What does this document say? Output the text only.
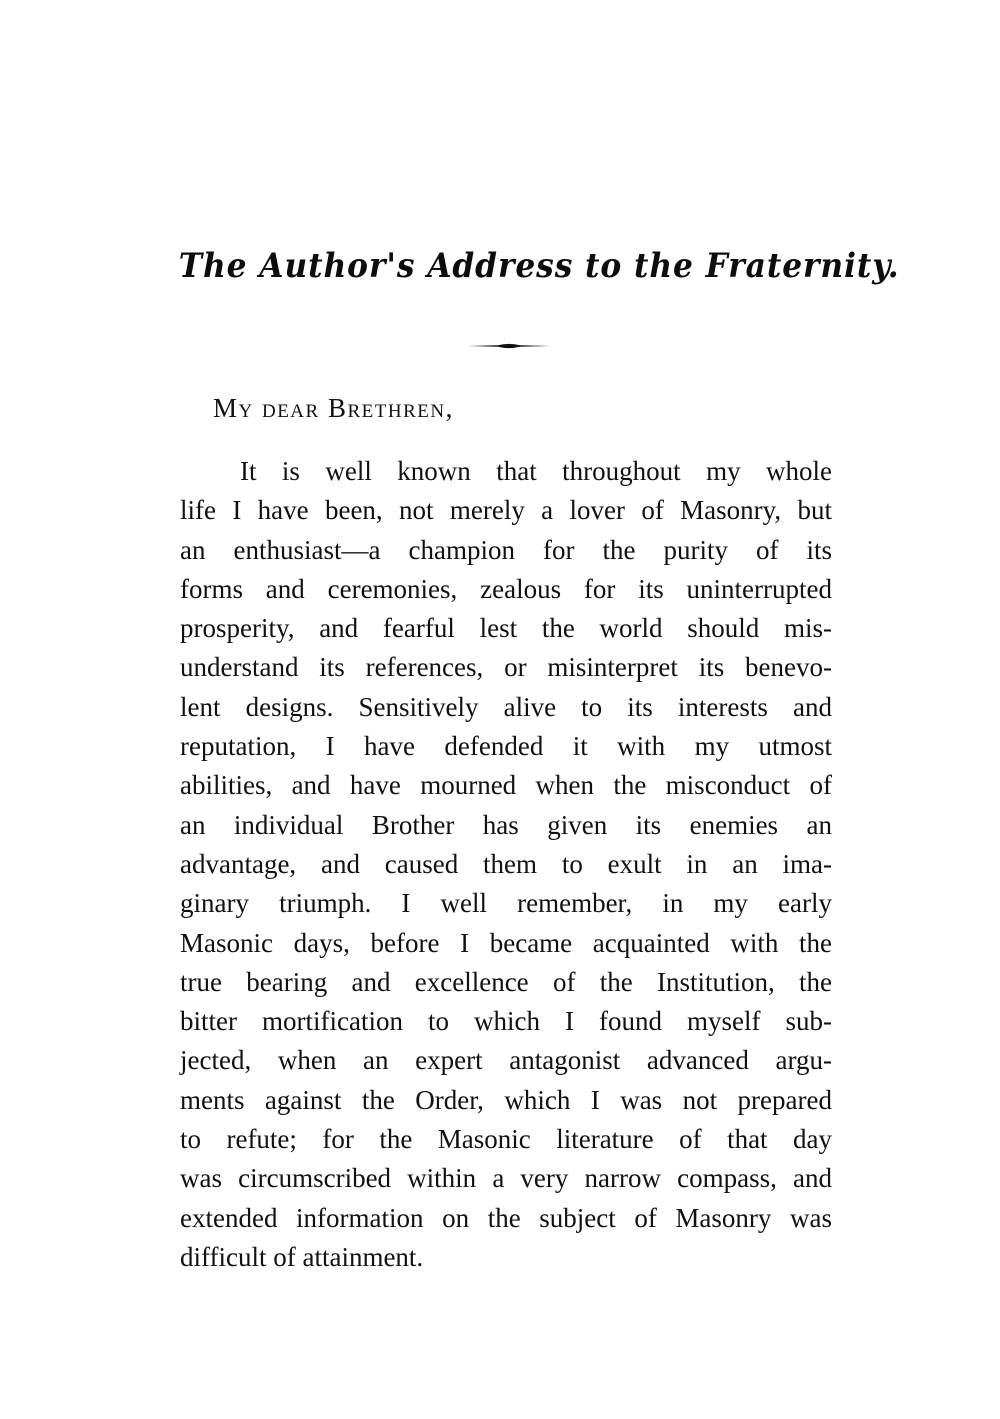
The Author's Address to the Fraternity.
My dear Brethren,
It is well known that throughout my whole
life I have been, not merely a lover of Masonry, but
an enthusiast—a champion for the purity of its
forms and ceremonies, zealous for its uninterrupted
prosperity, and fearful lest the world should mis-
understand its references, or misinterpret its benevo-
lent designs. Sensitively alive to its interests and
reputation, I have defended it with my utmost
abilities, and have mourned when the misconduct of
an individual Brother has given its enemies an
advantage, and caused them to exult in an ima-
ginary triumph. I well remember, in my early
Masonic days, before I became acquainted with the
true bearing and excellence of the Institution, the
bitter mortification to which I found myself sub-
jected, when an expert antagonist advanced argu-
ments against the Order, which I was not prepared
to refute; for the Masonic literature of that day
was circumscribed within a very narrow compass, and
extended information on the subject of Masonry was
difficult of attainment.
